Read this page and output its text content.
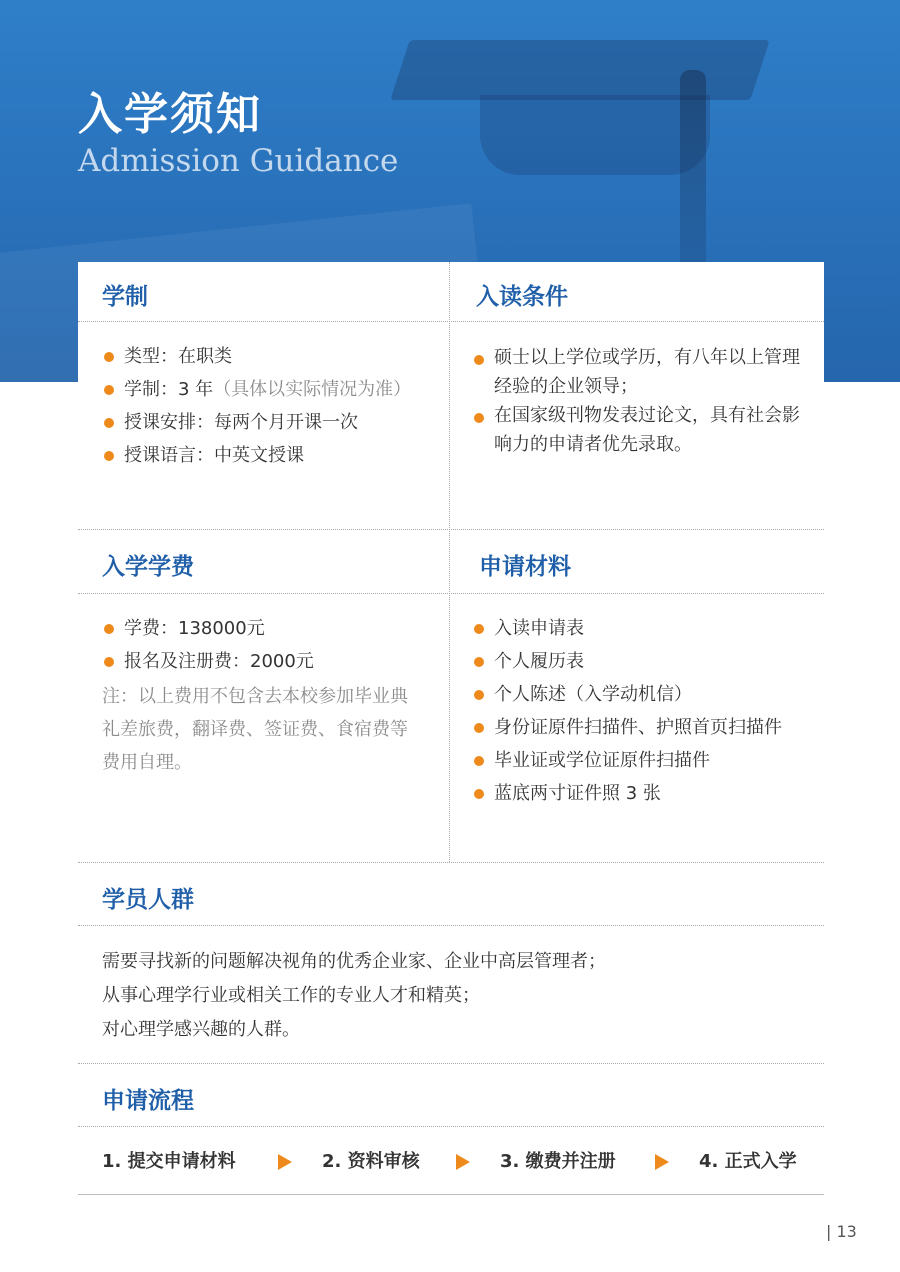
入学须知
Admission Guidance
学制	入读条件
类型：在职类
学制：3 年（具体以实际情况为准）
授课安排：每两个月开课一次
授课语言：中英文授课
硕士以上学位或学历，有八年以上管理经验的企业领导；
在国家级刊物发表过论文，具有社会影响力的申请者优先录取。
入学学费	申请材料
学费：138000元
报名及注册费：2000元
注：以上费用不包含去本校参加毕业典礼差旅费，翻译费、签证费、食宿费等费用自理。
入读申请表
个人履历表
个人陈述（入学动机信）
身份证原件扫描件、护照首页扫描件
毕业证或学位证原件扫描件
蓝底两寸证件照 3 张
学员人群

需要寻找新的问题解决视角的优秀企业家、企业中高层管理者；
从事心理学行业或相关工作的专业人才和精英；
对心理学感兴趣的人群。

申请流程
1. 提交申请材料	2. 资料审核	3. 缴费并注册	4. 正式入学
| 13
